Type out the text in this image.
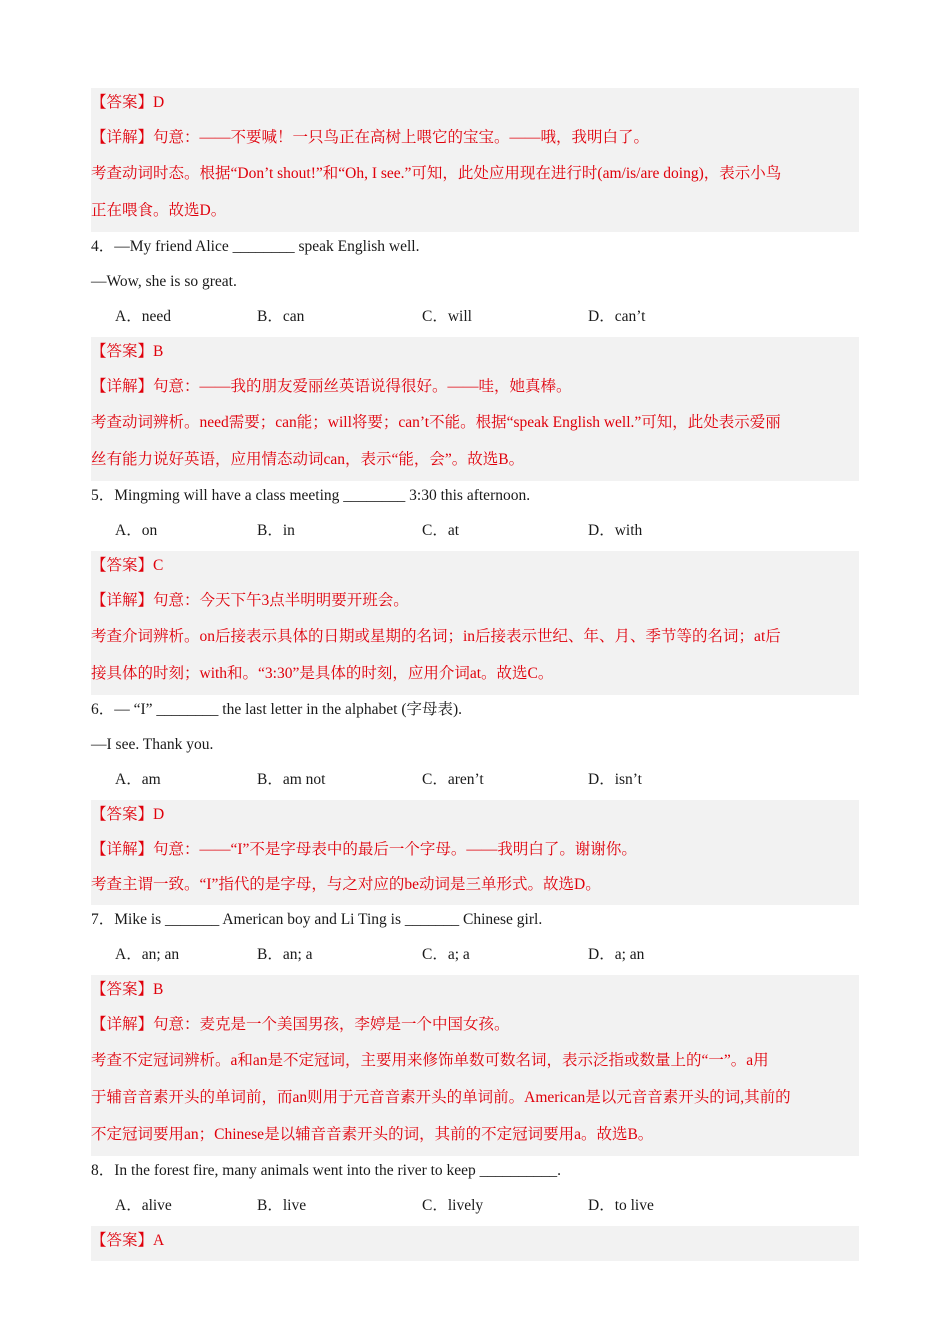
【答案】D
【详解】句意：——不要喊！一只鸟正在高树上喂它的宝宝。——哦，我明白了。
考查动词时态。根据“Don’t shout!”和“Oh, I see.”可知，此处应用现在进行时(am/is/are doing)，表示小鸟
正在喂食。故选D。
4．—My friend Alice ________ speak English well.
—Wow, she is so great.
A．need	B．can	C．will	D．can’t
【答案】B
【详解】句意：——我的朋友爱丽丝英语说得很好。——哇，她真棒。
考查动词辨析。need需要；can能；will将要；can’t不能。根据“speak English well.”可知，此处表示爱丽
丝有能力说好英语，应用情态动词can，表示“能，会”。故选B。
5．Mingming will have a class meeting ________ 3:30 this afternoon.
A．on	B．in	C．at	D．with
【答案】C
【详解】句意：今天下午3点半明明要开班会。
考查介词辨析。on后接表示具体的日期或星期的名词；in后接表示世纪、年、月、季节等的名词；at后
接具体的时刻；with和。“3:30”是具体的时刻，应用介词at。故选C。
6．— “I” ________ the last letter in the alphabet (字母表).
—I see. Thank you.
A．am	B．am not	C．aren’t	D．isn’t
【答案】D
【详解】句意：——“I”不是字母表中的最后一个字母。——我明白了。谢谢你。
考查主谓一致。“I”指代的是字母，与之对应的be动词是三单形式。故选D。
7．Mike is _______ American boy and Li Ting is _______ Chinese girl.
A．an; an	B．an; a	C．a; a	D．a; an
【答案】B
【详解】句意：麦克是一个美国男孩，李婷是一个中国女孩。
考查不定冠词辨析。a和an是不定冠词，主要用来修饰单数可数名词，表示泛指或数量上的“一”。a用
于辅音音素开头的单词前，而an则用于元音音素开头的单词前。American是以元音音素开头的词,其前的
不定冠词要用an；Chinese是以辅音音素开头的词，其前的不定冠词要用a。故选B。
8．In the forest fire, many animals went into the river to keep __________.
A．alive	B．live	C．lively	D．to live
【答案】A
